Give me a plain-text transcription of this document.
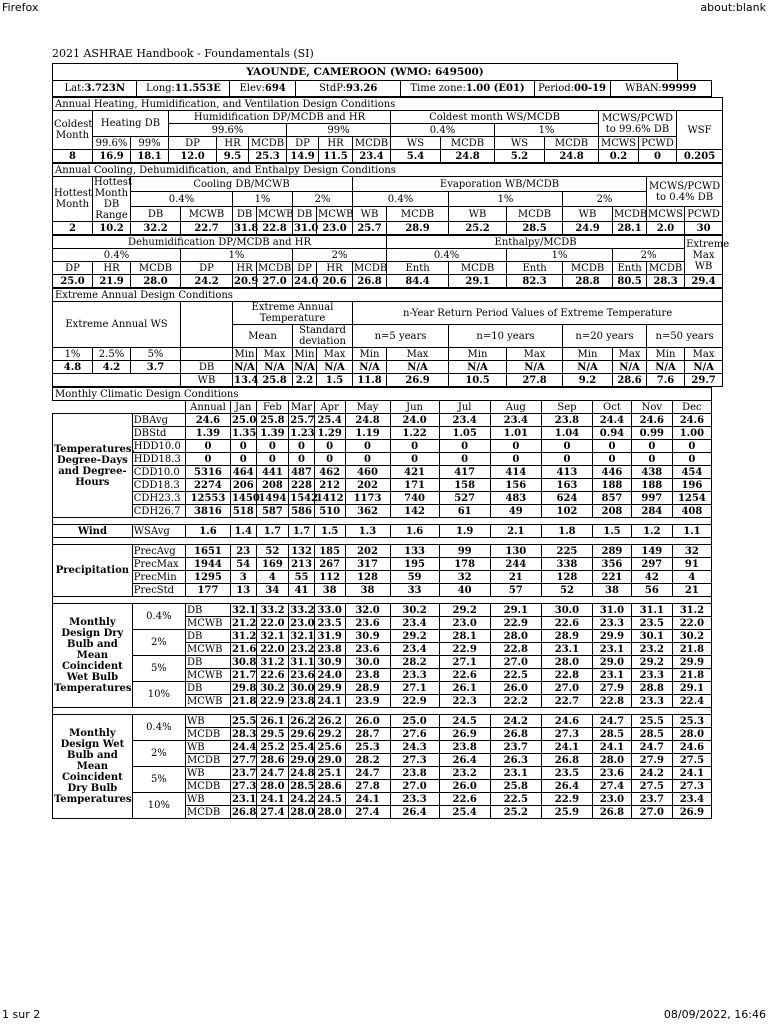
Firefox	about:blank
2021 ASHRAE Handbook - Foundamentals (SI)
YAOUNDE, CAMEROON (WMO: 649500)
Lat:3.723N	Long:11.553E	Elev:694	StdP:93.26	Time zone:1.00 (E01)	Period:00-19	WBAN:99999
Annual Heating, Humidification, and Ventilation Design Conditions															
Coldest Month	Heating DB		Humidification DP/MCDB and HR						Coldest month WS/MCDB				MCWS/PCWD to 99.6% DB		WSF
			99.6%			99%			0.4%		1%				
	99.6%	99%	DP	HR	MCDB	DP	HR	MCDB	WS	MCDB	WS	MCDB	MCWS	PCWD	
8	16.9	18.1	12.0	9.5	25.3	14.9	11.5	23.4	5.4	24.8	5.2	24.8	0.2	0	0.205
Annual Cooling, Dehumidification, and Enthalpy Design Conditions															
Hottest Month	Hottest Month DB Range	Cooling DB/MCWB						Evaporation WB/MCDB						MCWS/PCWD to 0.4% DB	
		0.4%		1%		2%		0.4%		1%		2%			
		DB	MCWB	DB	MCWB	DB	MCWB	WB	MCDB	WB	MCDB	WB	MCDB	MCWS	PCWD
2	10.2	32.2	22.7	31.8	22.8	31.0	23.0	25.7	28.9	25.2	28.5	24.9	28.1	2.0	30
Dehumidification DP/MCDB and HR									Enthalpy/MCDB						Extreme Max WB
0.4%			1%			2%			0.4%		1%		2%		
DP	HR	MCDB	DP	HR	MCDB	DP	HR	MCDB	Enth	MCDB	Enth	MCDB	Enth	MCDB	
25.0	21.9	28.0	24.2	20.9	27.0	24.0	20.6	26.8	84.4	29.1	82.3	28.8	80.5	28.3	29.4
Extreme Annual Design Conditions															
Extreme Annual WS				Extreme Annual Temperature				n-Year Return Period Values of Extreme Temperature							
				Mean		Standard deviation									
								n=5 years		n=10 years		n=20 years		n=50 years	
1%	2.5%	5%		Min	Max	Min	Max	Min	Max	Min	Max	Min	Max	Min	Max
4.8	4.2	3.7	DB	N/A	N/A	N/A	N/A	N/A	N/A	N/A	N/A	N/A	N/A	N/A	N/A
			WB	13.4	25.8	2.2	1.5	11.8	26.9	10.5	27.8	9.2	28.6	7.6	29.7
Monthly Climatic Design Conditions														
		Annual	Jan	Feb	Mar	Apr	May	Jun	Jul	Aug	Sep	Oct	Nov	Dec
Temperatures, Degree-Days and Degree-Hours	DBAvg	24.6	25.0	25.8	25.7	25.4	24.8	24.0	23.4	23.4	23.8	24.4	24.6	24.6
	DBStd	1.39	1.35	1.39	1.23	1.29	1.19	1.22	1.05	1.01	1.04	0.94	0.99	1.00
	HDD10.0	0	0	0	0	0	0	0	0	0	0	0	0	0
	HDD18.3	0	0	0	0	0	0	0	0	0	0	0	0	0
	CDD10.0	5316	464	441	487	462	460	421	417	414	413	446	438	454
	CDD18.3	2274	206	208	228	212	202	171	158	156	163	188	188	196
	CDH23.3	12553	1450	1494	1542	1412	1173	740	527	483	624	857	997	1254
	CDH26.7	3816	518	587	586	510	362	142	61	49	102	208	284	408

Wind	WSAvg	1.6	1.4	1.7	1.7	1.5	1.3	1.6	1.9	2.1	1.8	1.5	1.2	1.1

Precipitation	PrecAvg	1651	23	52	132	185	202	133	99	130	225	289	149	32
	PrecMax	1944	54	169	213	267	317	195	178	244	338	356	297	91
	PrecMin	1295	3	4	55	112	128	59	32	21	128	221	42	4
	PrecStd	177	13	34	41	38	38	33	40	57	52	38	56	21

Monthly Design Dry Bulb and Mean Coincident Wet Bulb Temperatures	0.4%	DB	32.1	33.2	33.2	33.0	32.0	30.2	29.2	29.1	30.0	31.0	31.1	31.2
		MCWB	21.2	22.0	23.0	23.5	23.6	23.4	23.0	22.9	22.6	23.3	23.5	22.0
	2%	DB	31.2	32.1	32.1	31.9	30.9	29.2	28.1	28.0	28.9	29.9	30.1	30.2
		MCWB	21.6	22.0	23.2	23.8	23.6	23.4	22.9	22.8	23.1	23.1	23.2	21.8
	5%	DB	30.8	31.2	31.1	30.9	30.0	28.2	27.1	27.0	28.0	29.0	29.2	29.9
		MCWB	21.7	22.6	23.6	24.0	23.8	23.3	22.6	22.5	22.8	23.1	23.3	21.8
	10%	DB	29.8	30.2	30.0	29.9	28.9	27.1	26.1	26.0	27.0	27.9	28.8	29.1
		MCWB	21.8	22.9	23.8	24.1	23.9	22.9	22.3	22.2	22.7	22.8	23.3	22.4

Monthly Design Wet Bulb and Mean Coincident Dry Bulb Temperatures	0.4%	WB	25.5	26.1	26.2	26.2	26.0	25.0	24.5	24.2	24.6	24.7	25.5	25.3
		MCDB	28.3	29.5	29.6	29.2	28.7	27.6	26.9	26.8	27.3	28.5	28.5	28.0
	2%	WB	24.4	25.2	25.4	25.6	25.3	24.3	23.8	23.7	24.1	24.1	24.7	24.6
		MCDB	27.7	28.6	29.0	29.0	28.2	27.3	26.4	26.3	26.8	28.0	27.9	27.5
	5%	WB	23.7	24.7	24.8	25.1	24.7	23.8	23.2	23.1	23.5	23.6	24.2	24.1
		MCDB	27.3	28.0	28.5	28.6	27.8	27.0	26.0	25.8	26.4	27.4	27.5	27.3
	10%	WB	23.1	24.1	24.2	24.5	24.1	23.3	22.6	22.5	22.9	23.0	23.7	23.4
		MCDB	26.8	27.4	28.0	28.0	27.4	26.4	25.4	25.2	25.9	26.8	27.0	26.9
1 sur 2	08/09/2022, 16:46
